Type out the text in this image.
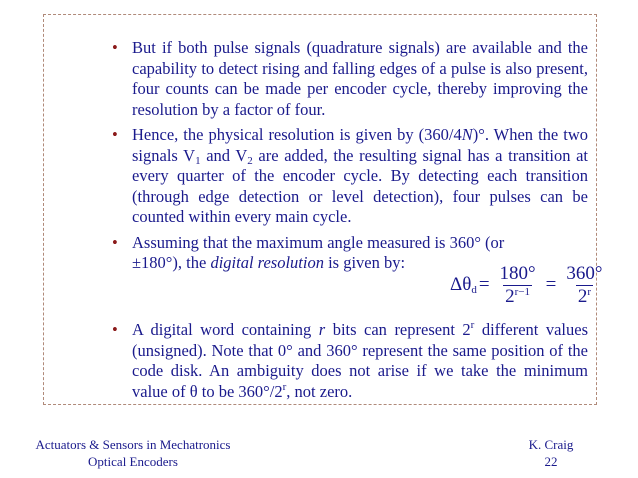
• But if both pulse signals (quadrature signals) are available and the capability to detect rising and falling edges of a pulse is also present, four counts can be made per encoder cycle, thereby improving the resolution by a factor of four.
• Hence, the physical resolution is given by (360/4N)°. When the two signals $V_1$ and $V_2$ are added, the resulting signal has a transition at every quarter of the encoder cycle. By detecting each transition (through edge detection or level detection), four pulses can be counted within every main cycle.
• Assuming that the maximum angle measured is 360° (or
±180°), the digital resolution is given by:
$\Delta\theta_d = \frac{180^\circ}{2^{r-1}} = \frac{360^\circ}{2^r}$
• A digital word containing r bits can represent 2$^r$ different values (unsigned). Note that 0° and 360° represent the same position of the code disk. An ambiguity does not arise if we take the minimum value of θ to be 360°/2$^r$, not zero.
Actuators & Sensors in Mechatronics
Optical Encoders
K. Craig
22
